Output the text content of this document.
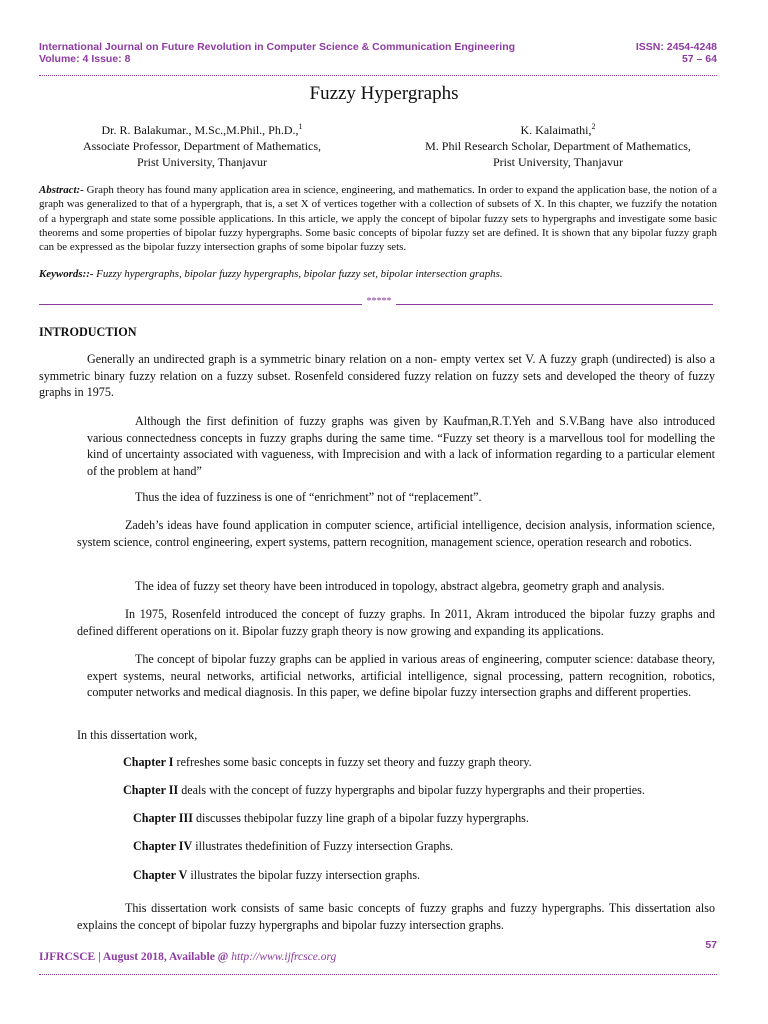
International Journal on Future Revolution in Computer Science & Communication Engineering	ISSN: 2454-4248
Volume: 4 Issue: 8	57 – 64
Fuzzy Hypergraphs
Dr. R. Balakumar., M.Sc.,M.Phil., Ph.D.,$^1$
Associate Professor, Department of Mathematics,
Prist University, Thanjavur
K. Kalaimathi,$^2$
M. Phil Research Scholar, Department of Mathematics,
Prist University, Thanjavur
Abstract:- Graph theory has found many application area in science, engineering, and mathematics. In order to expand the application base, the notion of a graph was generalized to that of a hypergraph, that is, a set X of vertices together with a collection of subsets of X. In this chapter, we fuzzify the notation of a hypergraph and state some possible applications. In this article, we apply the concept of bipolar fuzzy sets to hypergraphs and investigate some basic theorems and some properties of bipolar fuzzy hypergraphs. Some basic concepts of bipolar fuzzy set are defined. It is shown that any bipolar fuzzy graph can be expressed as the bipolar fuzzy intersection graphs of some bipolar fuzzy sets.
Keywords::- Fuzzy hypergraphs, bipolar fuzzy hypergraphs, bipolar fuzzy set, bipolar intersection graphs.
*****
INTRODUCTION
Generally an undirected graph is a symmetric binary relation on a non- empty vertex set V. A fuzzy graph (undirected) is also a symmetric binary fuzzy relation on a fuzzy subset. Rosenfeld considered fuzzy relation on fuzzy sets and developed the theory of fuzzy graphs in 1975.
Although the first definition of fuzzy graphs was given by Kaufman,R.T.Yeh and S.V.Bang have also introduced various connectedness concepts in fuzzy graphs during the same time. “Fuzzy set theory is a marvellous tool for modelling the kind of uncertainty associated with vagueness, with Imprecision and with a lack of information regarding to a particular element of the problem at hand”
Thus the idea of fuzziness is one of “enrichment” not of “replacement”.
Zadeh’s ideas have found application in computer science, artificial intelligence, decision analysis, information science, system science, control engineering, expert systems, pattern recognition, management science, operation research and robotics.
The idea of fuzzy set theory have been introduced in topology, abstract algebra, geometry graph and analysis.
In 1975, Rosenfeld introduced the concept of fuzzy graphs. In 2011, Akram introduced the bipolar fuzzy graphs and defined different operations on it. Bipolar fuzzy graph theory is now growing and expanding its applications.
The concept of bipolar fuzzy graphs can be applied in various areas of engineering, computer science: database theory, expert systems, neural networks, artificial networks, artificial intelligence, signal processing, pattern recognition, robotics, computer networks and medical diagnosis. In this paper, we define bipolar fuzzy intersection graphs and different properties.
In this dissertation work,
Chapter I refreshes some basic concepts in fuzzy set theory and fuzzy graph theory.
Chapter II deals with the concept of fuzzy hypergraphs and bipolar fuzzy hypergraphs and their properties.
Chapter III discusses thebipolar fuzzy line graph of a bipolar fuzzy hypergraphs.
Chapter IV illustrates thedefinition of Fuzzy intersection Graphs.
Chapter V illustrates the bipolar fuzzy intersection graphs.
This dissertation work consists of same basic concepts of fuzzy graphs and fuzzy hypergraphs. This dissertation also explains the concept of bipolar fuzzy hypergraphs and bipolar fuzzy intersection graphs.
57
IJFRCSCE | August 2018, Available @ http://www.ijfrcsce.org
